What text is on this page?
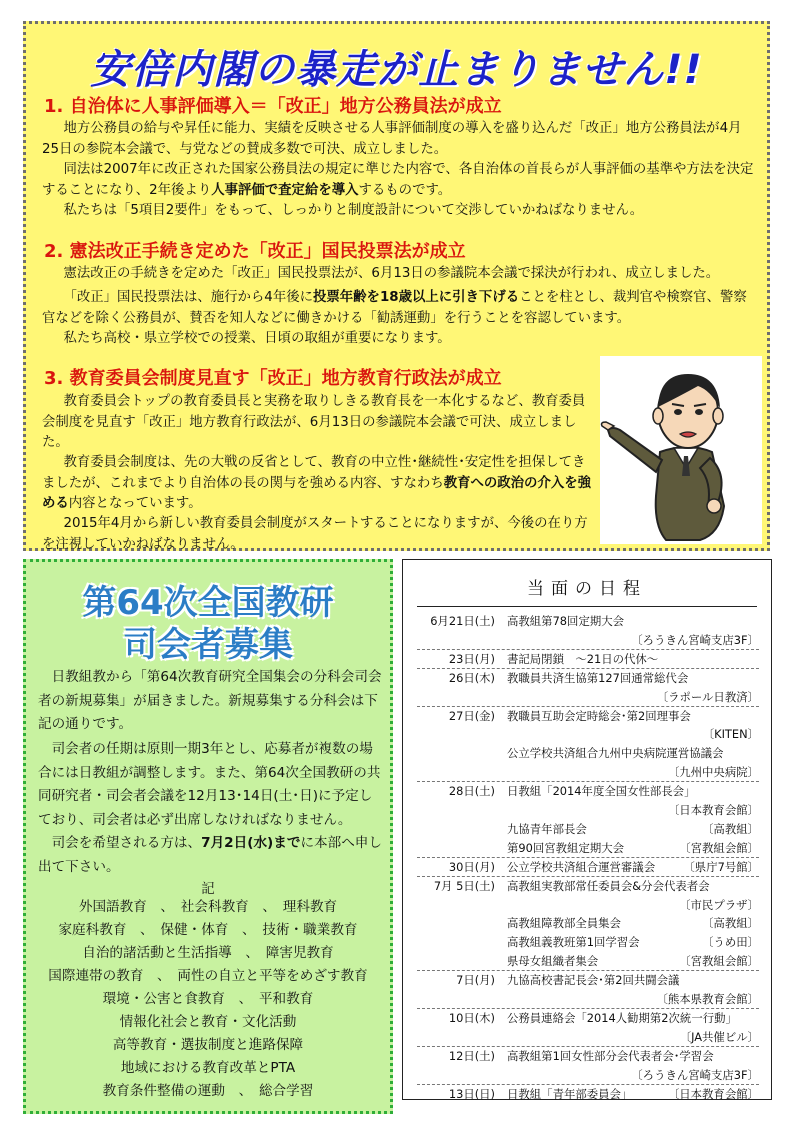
安倍内閣の暴走が止まりません!!
1. 自治体に人事評価導入＝「改正」地方公務員法が成立
地方公務員の給与や昇任に能力、実績を反映させる人事評価制度の導入を盛り込んだ「改正」地方公務員法が4月25日の参院本会議で、与党などの賛成多数で可決、成立しました。
同法は2007年に改正された国家公務員法の規定に準じた内容で、各自治体の首長らが人事評価の基準や方法を決定することになり、2年後より人事評価で査定給を導入するものです。
私たちは「5項目2要件」をもって、しっかりと制度設計について交渉していかねばなりません。
2. 憲法改正手続き定めた「改正」国民投票法が成立
憲法改正の手続きを定めた「改正」国民投票法が、6月13日の参議院本会議で採決が行われ、成立しました。
「改正」国民投票法は、施行から4年後に投票年齢を18歳以上に引き下げることを柱とし、裁判官や検察官、警察官などを除く公務員が、賛否を知人などに働きかける「勧誘運動」を行うことを容認しています。
私たち高校・県立学校での授業、日頃の取組が重要になります。
3. 教育委員会制度見直す「改正」地方教育行政法が成立
教育委員会トップの教育委員長と実務を取りしきる教育長を一本化するなど、教育委員会制度を見直す「改正」地方教育行政法が、6月13日の参議院本会議で可決、成立しました。
教育委員会制度は、先の大戦の反省として、教育の中立性･継続性･安定性を担保してきましたが、これまでより自治体の長の関与を強める内容、すなわち教育への政治の介入を強める内容となっています。
2015年4月から新しい教育委員会制度がスタートすることになりますが、今後の在り方を注視していかねばなりません。
第64次全国教研
司会者募集
日教組教から「第64次教育研究全国集会の分科会司会者の新規募集」が届きました。新規募集する分科会は下記の通りです。
司会者の任期は原則一期3年とし、応募者が複数の場合には日教組が調整します。また、第64次全国教研の共同研究者・司会者会議を12月13･14日(土･日)に予定しており、司会者は必ず出席しなければなりません。
司会を希望される方は、7月2日(水)までに本部へ申し出て下さい。
記
外国語教育　、　社会科教育　、　理科教育
家庭科教育　、　保健・体育　、　技術・職業教育
自治的諸活動と生活指導　、　障害児教育
国際連帯の教育　、　両性の自立と平等をめざす教育
環境・公害と食教育　、　平和教育
情報化社会と教育・文化活動
高等教育・選抜制度と進路保障
地域における教育改革とPTA
教育条件整備の運動　、　総合学習
当面の日程
6月21日(土) 高教組第78回定期大会
〔ろうきん宮崎支店3F〕
23日(月) 書記局閉鎖　～21日の代休～
26日(木) 教職員共済生協第127回通常総代会
〔ラポール日教済〕
27日(金) 教職員互助会定時総会･第2回理事会
〔KITEN〕
公立学校共済組合九州中央病院運営協議会
〔九州中央病院〕
28日(土) 日教組「2014年度全国女性部長会」
〔日本教育会館〕
九協青年部長会	〔高教組〕
第90回宮教組定期大会	〔宮教組会館〕
30日(月) 公立学校共済組合運営審議会 〔県庁7号館〕
7月 5日(土) 高教組実教部常任委員会&分会代表者会
〔市民プラザ〕
高教組障教部全員集会	〔高教組〕
高教組義教班第1回学習会	〔うめ田〕
県母女組織者集会	〔宮教組会館〕
7日(月) 九協高校書記長会･第2回共闘会議
〔熊本県教育会館〕
10日(木) 公務員連絡会「2014人勧期第2次統一行動」
〔JA共催ビル〕
12日(土) 高教組第1回女性部分会代表者会･学習会
〔ろうきん宮崎支店3F〕
13日(日) 日教組「青年部委員会」	〔日本教育会館〕
